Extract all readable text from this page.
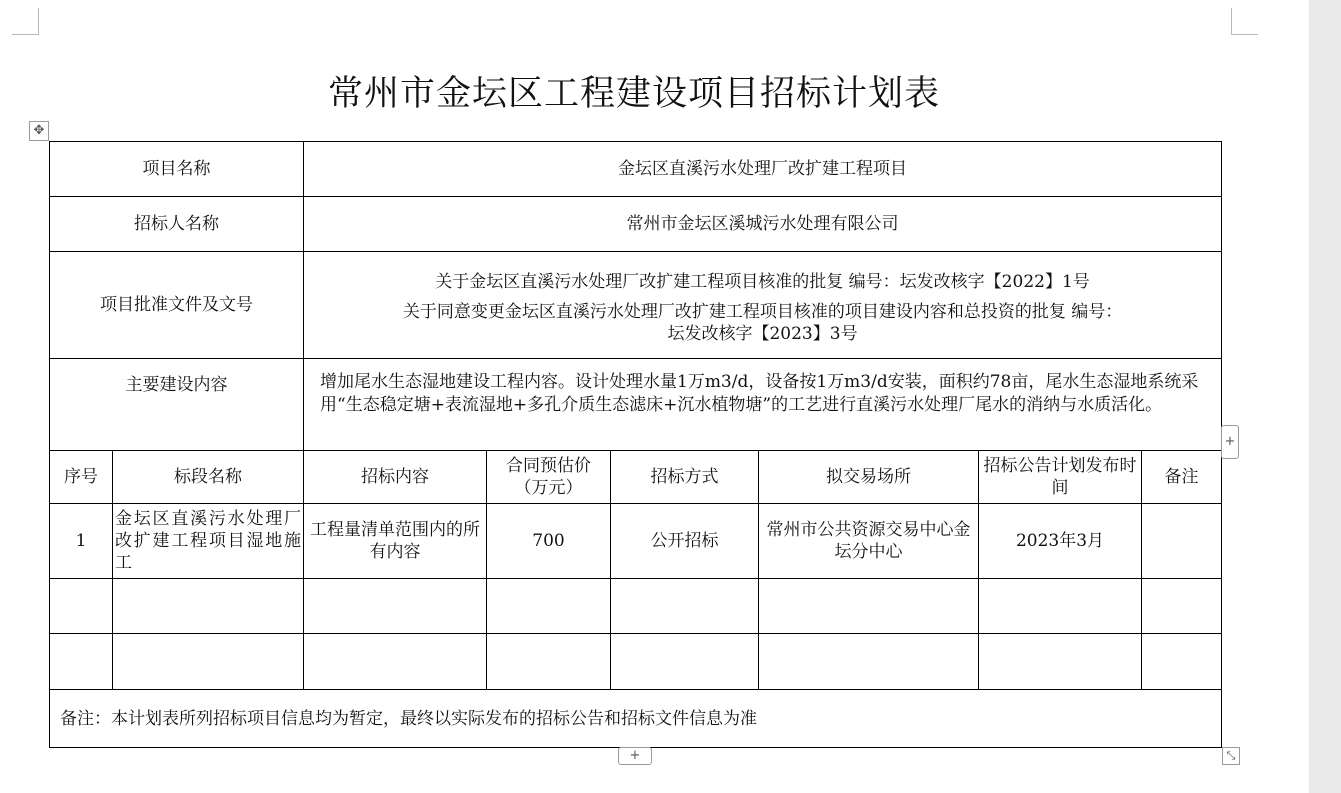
常州市金坛区工程建设项目招标计划表
✥
项目名称		金坛区直溪污水处理厂改扩建工程项目					
招标人名称		常州市金坛区溪城污水处理有限公司					
项目批准文件及文号		关于金坛区直溪污水处理厂改扩建工程项目核准的批复 编号：坛发改核字【2022】1号
关于同意变更金坛区直溪污水处理厂改扩建工程项目核准的项目建设内容和总投资的批复 编号：坛发改核字【2023】3号					

主要建设内容		增加尾水生态湿地建设工程内容。设计处理水量1万m3/d，设备按1万m3/d安装，面积约78亩，尾水生态湿地系统采用“生态稳定塘+表流湿地+多孔介质生态滤床+沉水植物塘”的工艺进行直溪污水处理厂尾水的消纳与水质活化。					
序号	标段名称	招标内容	合同预估价（万元）	招标方式	拟交易场所	招标公告计划发布时间	备注
1	金坛区直溪污水处理厂改扩建工程项目湿地施工	工程量清单范围内的所有内容	700	公开招标	常州市公共资源交易中心金坛分中心	2023年3月	

备注：本计划表所列招标项目信息均为暂定，最终以实际发布的招标公告和招标文件信息为准							
+
+	⤡
